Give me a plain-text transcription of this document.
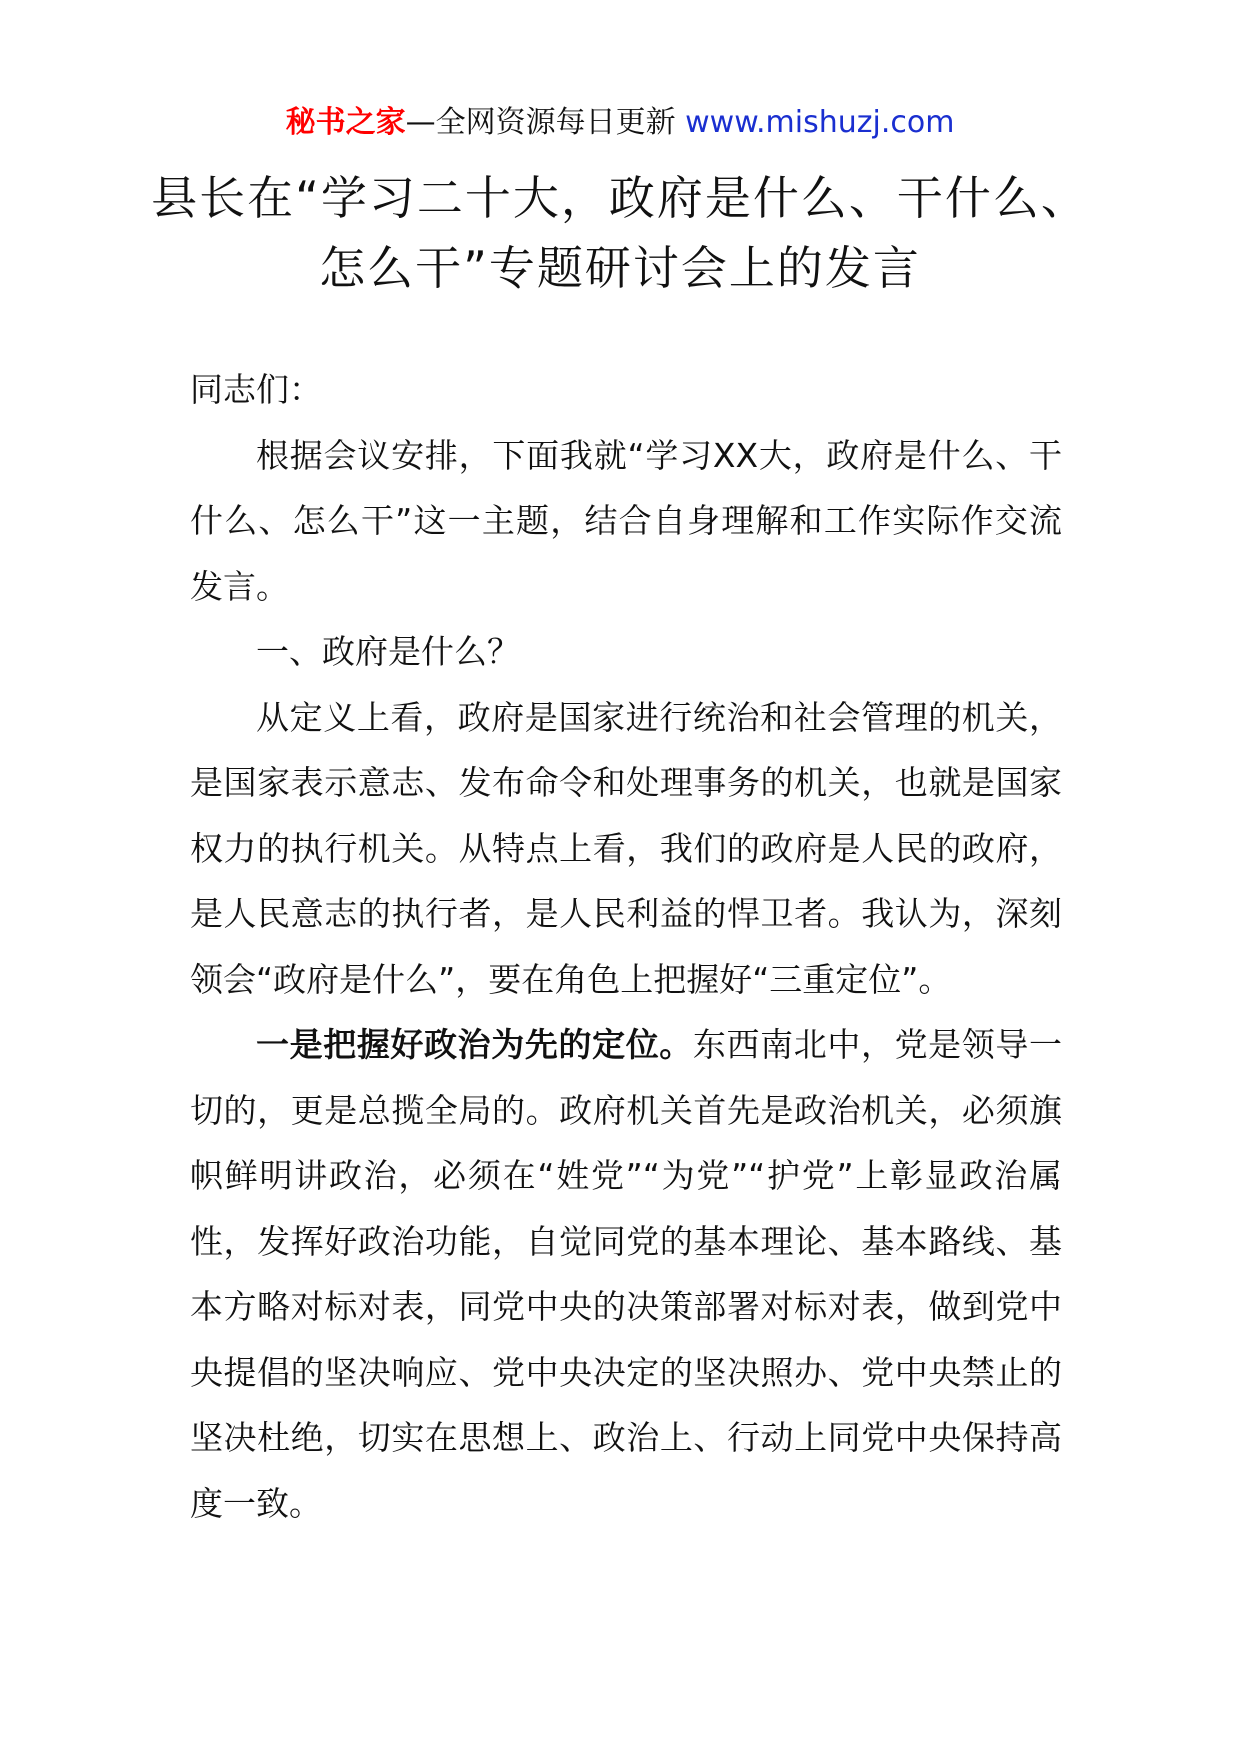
秘书之家—全网资源每日更新 www.mishuzj.com
县长在“学习二十大，政府是什么、干什么、怎么干”专题研讨会上的发言

同志们：

根据会议安排，下面我就“学习XX大，政府是什么、干什么、怎么干”这一主题，结合自身理解和工作实际作交流发言。

一、政府是什么？

从定义上看，政府是国家进行统治和社会管理的机关，是国家表示意志、发布命令和处理事务的机关，也就是国家权力的执行机关。从特点上看，我们的政府是人民的政府，是人民意志的执行者，是人民利益的悍卫者。我认为，深刻领会“政府是什么”，要在角色上把握好“三重定位”。

一是把握好政治为先的定位。东西南北中，党是领导一切的，更是总揽全局的。政府机关首先是政治机关，必须旗帜鲜明讲政治，必须在“姓党”“为党”“护党”上彰显政治属性，发挥好政治功能，自觉同党的基本理论、基本路线、基本方略对标对表，同党中央的决策部署对标对表，做到党中央提倡的坚决响应、党中央决定的坚决照办、党中央禁止的坚决杜绝，切实在思想上、政治上、行动上同党中央保持高度一致。
